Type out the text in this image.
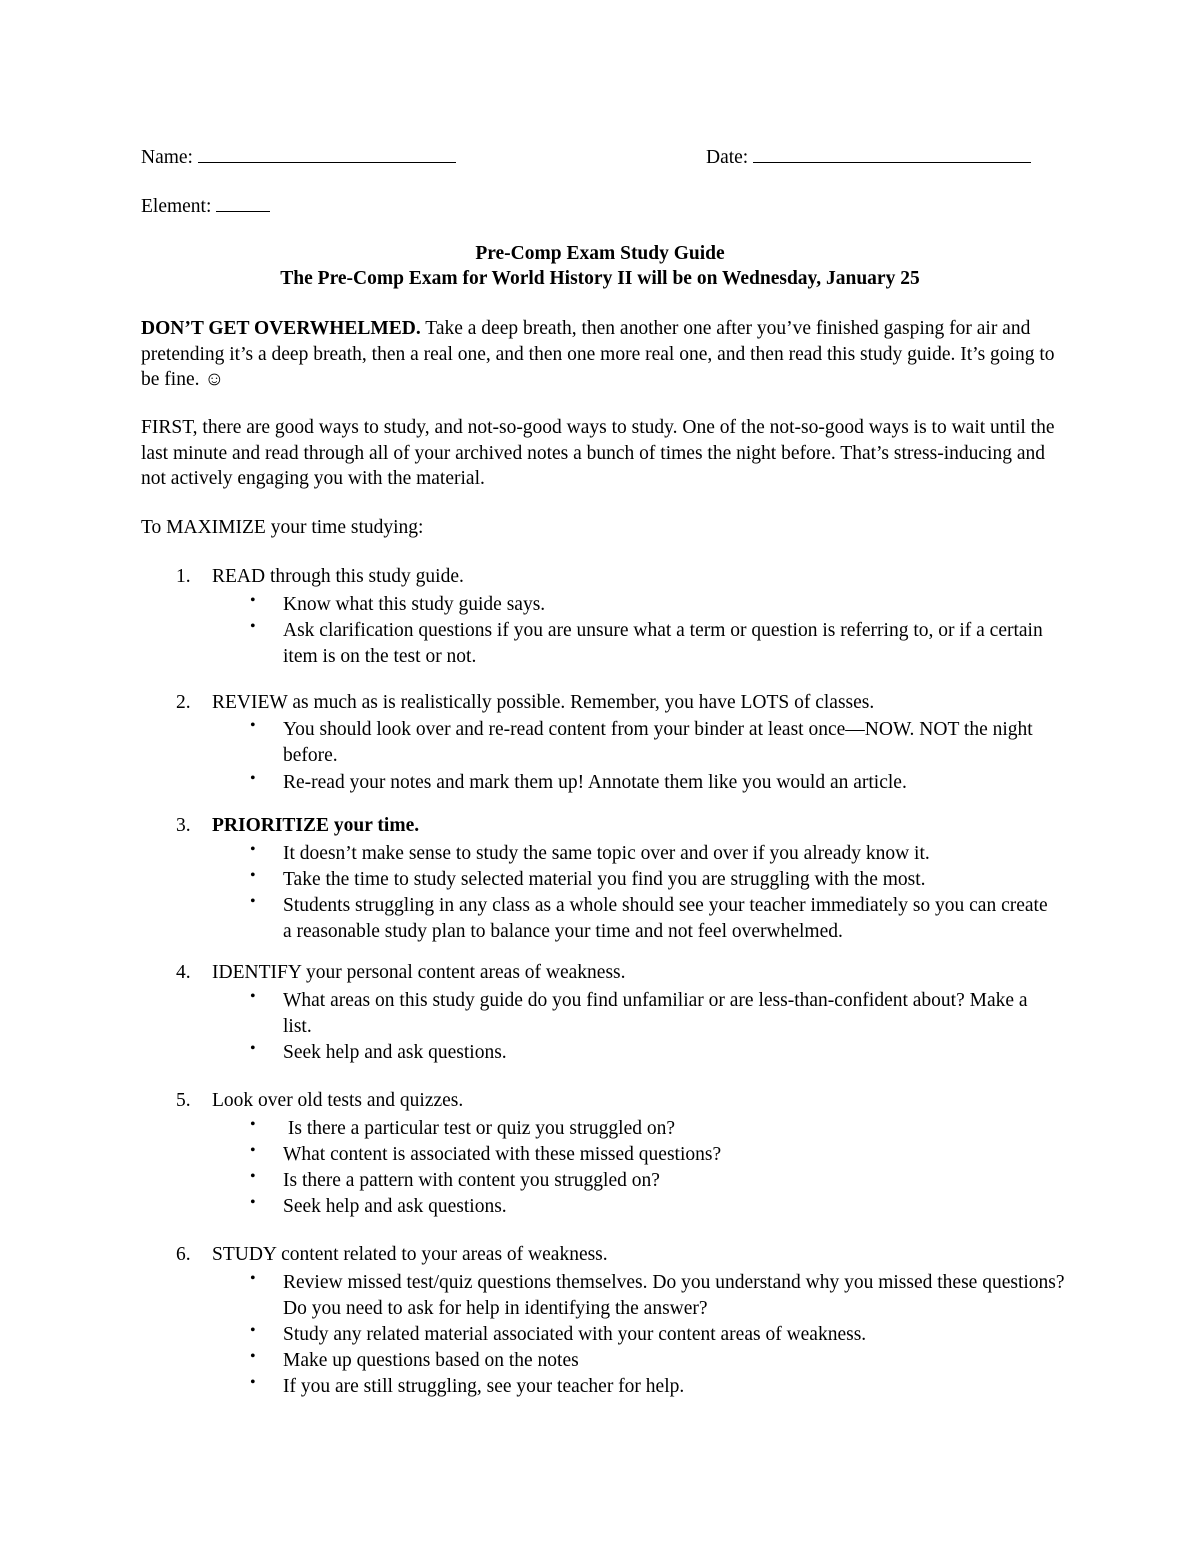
Name:	Date:
Element:
Pre-Comp Exam Study Guide
The Pre-Comp Exam for World History II will be on Wednesday, January 25
DON’T GET OVERWHELMED. Take a deep breath, then another one after you’ve finished gasping for air and pretending it’s a deep breath, then a real one, and then one more real one, and then read this study guide. It’s going to be fine. ☺
FIRST, there are good ways to study, and not-so-good ways to study. One of the not-so-good ways is to wait until the last minute and read through all of your archived notes a bunch of times the night before. That’s stress-inducing and not actively engaging you with the material.
To MAXIMIZE your time studying:
1. READ through this study guide.
• Know what this study guide says.
• Ask clarification questions if you are unsure what a term or question is referring to, or if a certain item is on the test or not.
2. REVIEW as much as is realistically possible. Remember, you have LOTS of classes.
• You should look over and re-read content from your binder at least once—NOW. NOT the night before.
• Re-read your notes and mark them up! Annotate them like you would an article.
3. PRIORITIZE your time.
• It doesn’t make sense to study the same topic over and over if you already know it.
• Take the time to study selected material you find you are struggling with the most.
• Students struggling in any class as a whole should see your teacher immediately so you can create a reasonable study plan to balance your time and not feel overwhelmed.
4. IDENTIFY your personal content areas of weakness.
• What areas on this study guide do you find unfamiliar or are less-than-confident about? Make a list.
• Seek help and ask questions.
5. Look over old tests and quizzes.
• Is there a particular test or quiz you struggled on?
• What content is associated with these missed questions?
• Is there a pattern with content you struggled on?
• Seek help and ask questions.
6. STUDY content related to your areas of weakness.
• Review missed test/quiz questions themselves. Do you understand why you missed these questions? Do you need to ask for help in identifying the answer?
• Study any related material associated with your content areas of weakness.
• Make up questions based on the notes
• If you are still struggling, see your teacher for help.
